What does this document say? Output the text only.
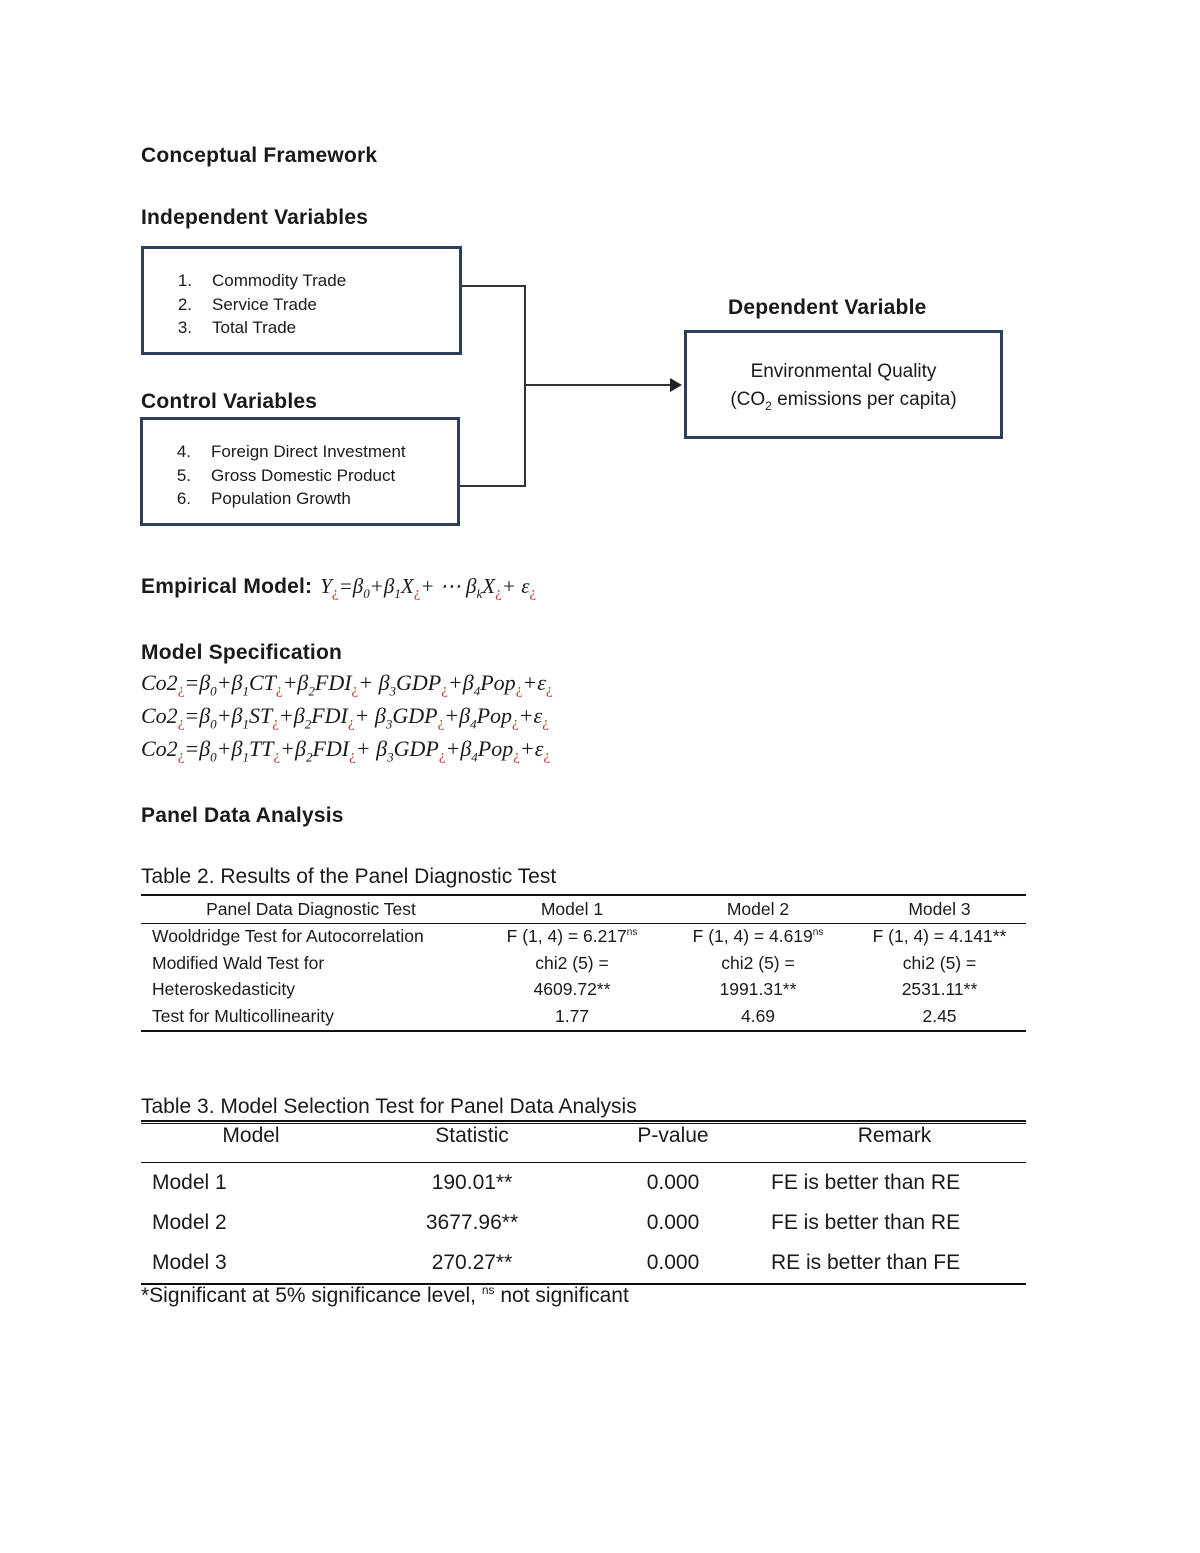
Conceptual Framework
Independent Variables
1. Commodity Trade
2. Service Trade
3. Total Trade
Control Variables
4. Foreign Direct Investment
5. Gross Domestic Product
6. Population Growth
Dependent Variable
Environmental Quality
($CO_2$ emissions per capita)
Empirical Model: $Y¿=\beta_0+\beta_1X¿+$ ⋯ $\beta_kX¿+$ ε¿
Model Specification
$Co2¿=\beta_0+\beta_1CT¿+\beta_2FDI¿+$ $\beta_3GDP¿+\beta_4Pop¿+\varepsilon¿$
$Co2¿=\beta_0+\beta_1ST¿+\beta_2FDI¿+$ $\beta_3GDP¿+\beta_4Pop¿+\varepsilon¿$
$Co2¿=\beta_0+\beta_1TT¿+\beta_2FDI¿+$ $\beta_3GDP¿+\beta_4Pop¿+\varepsilon¿$
Panel Data Analysis
Table 2. Results of the Panel Diagnostic Test
Panel Data Diagnostic Test	Model 1	Model 2	Model 3
Wooldridge Test for Autocorrelation	F (1, $4) = 6.217^{ns}$	F (1, $4) = 4.619^{ns}$	F (1, 4) = 4.141**
Modified Wald Test for	chi2 (5) =	chi2 (5) =	chi2 (5) =
Heteroskedasticity	4609.72**	1991.31**	2531.11**
Test for Multicollinearity	1.77	4.69	2.45
Table 3. Model Selection Test for Panel Data Analysis
Model	Statistic	P-value	Remark
Model 1	190.01**	0.000	FE is better than RE
Model 2	3677.96**	0.000	FE is better than RE
Model 3	270.27**	0.000	RE is better than FE
*Significant at 5% significance level, $^{ns}$ not significant
